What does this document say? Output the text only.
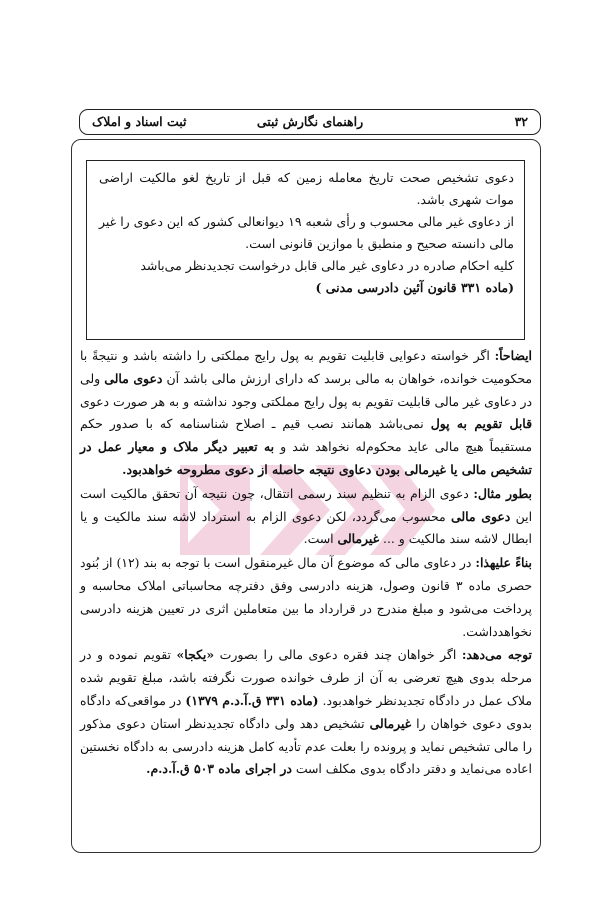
۳۲
راهنمای نگارش ثبتی
ثبت اسناد و املاک

دعوی تشخیص صحت تاریخ معامله زمین که قبل از تاریخ لغو مالکیت اراضی موات شهری باشد.

از دعاوی غیر مالی محسوب و رأی شعبه ۱۹ دیوانعالی کشور که این دعوی را غیر مالی دانسته صحیح و منطبق با موازین قانونی است.

کلیه احکام صادره در دعاوی غیر مالی قابل درخواست تجدیدنظر می‌باشد

(ماده ۳۳۱ قانون آئین دادرسی مدنی )

ایضاحاً: اگر خواسته دعوایی قابلیت تقویم به پول رایج مملکتی را داشته باشد و نتیجةً با محکومیت خوانده، خواهان به مالی برسد که دارای ارزش مالی باشد آن دعوی مالی ولی در دعاوی غیر مالی قابلیت تقویم به پول رایج مملکتی وجود نداشته و به هر صورت دعوی قابل تقویم به پول نمی‌باشد همانند نصب قیم ـ اصلاح شناسنامه که با صدور حکم مستقیماً هیچ مالی عاید محکوم‌له نخواهد شد و به تعبیر دیگر ملاک و معیار عمل در تشخیص مالی یا غیرمالی بودن دعاوی نتیجه حاصله از دعوی مطروحه خواهدبود.

بطور مثال: دعوی الزام به تنظیم سند رسمی انتقال، چون نتیجه آن تحقق مالکیت است این دعوی مالی محسوب می‌گردد، لکن دعوی الزام به استرداد لاشه سند مالکیت و یا ابطال لاشه سند مالکیت و ... غیرمالی است.

بناءً علیهذا: در دعاوی مالی که موضوع آن مال غیرمنقول است با توجه به بند (۱۲) از بُنود حصری ماده ۳ قانون وصول، هزینه دادرسی وفق دفترچه محاسباتی املاک محاسبه و پرداخت می‌شود و مبلغ مندرج در قرارداد ما بین متعاملین اثری در تعیین هزینه دادرسی نخواهدداشت.

توجه می‌دهد: اگر خواهان چند فقره دعوی مالی را بصورت «یکجا» تقویم نموده و در مرحله بدوی هیچ تعرضی به آن از طرف خوانده صورت نگرفته باشد، مبلغ تقویم شده ملاک عمل در دادگاه تجدیدنظر خواهدبود. (ماده ۳۳۱ ق.آ.د.م ۱۳۷۹) در مواقعی‌که دادگاه بدوی دعوی خواهان را غیرمالی تشخیص دهد ولی دادگاه تجدیدنظر استان دعوی مذکور را مالی تشخیص نماید و پرونده را بعلت عدم تأدیه کامل هزینه دادرسی به دادگاه نخستین اعاده می‌نماید و دفتر دادگاه بدوی مکلف است در اجرای ماده ۵۰۳ ق.آ.د.م.
